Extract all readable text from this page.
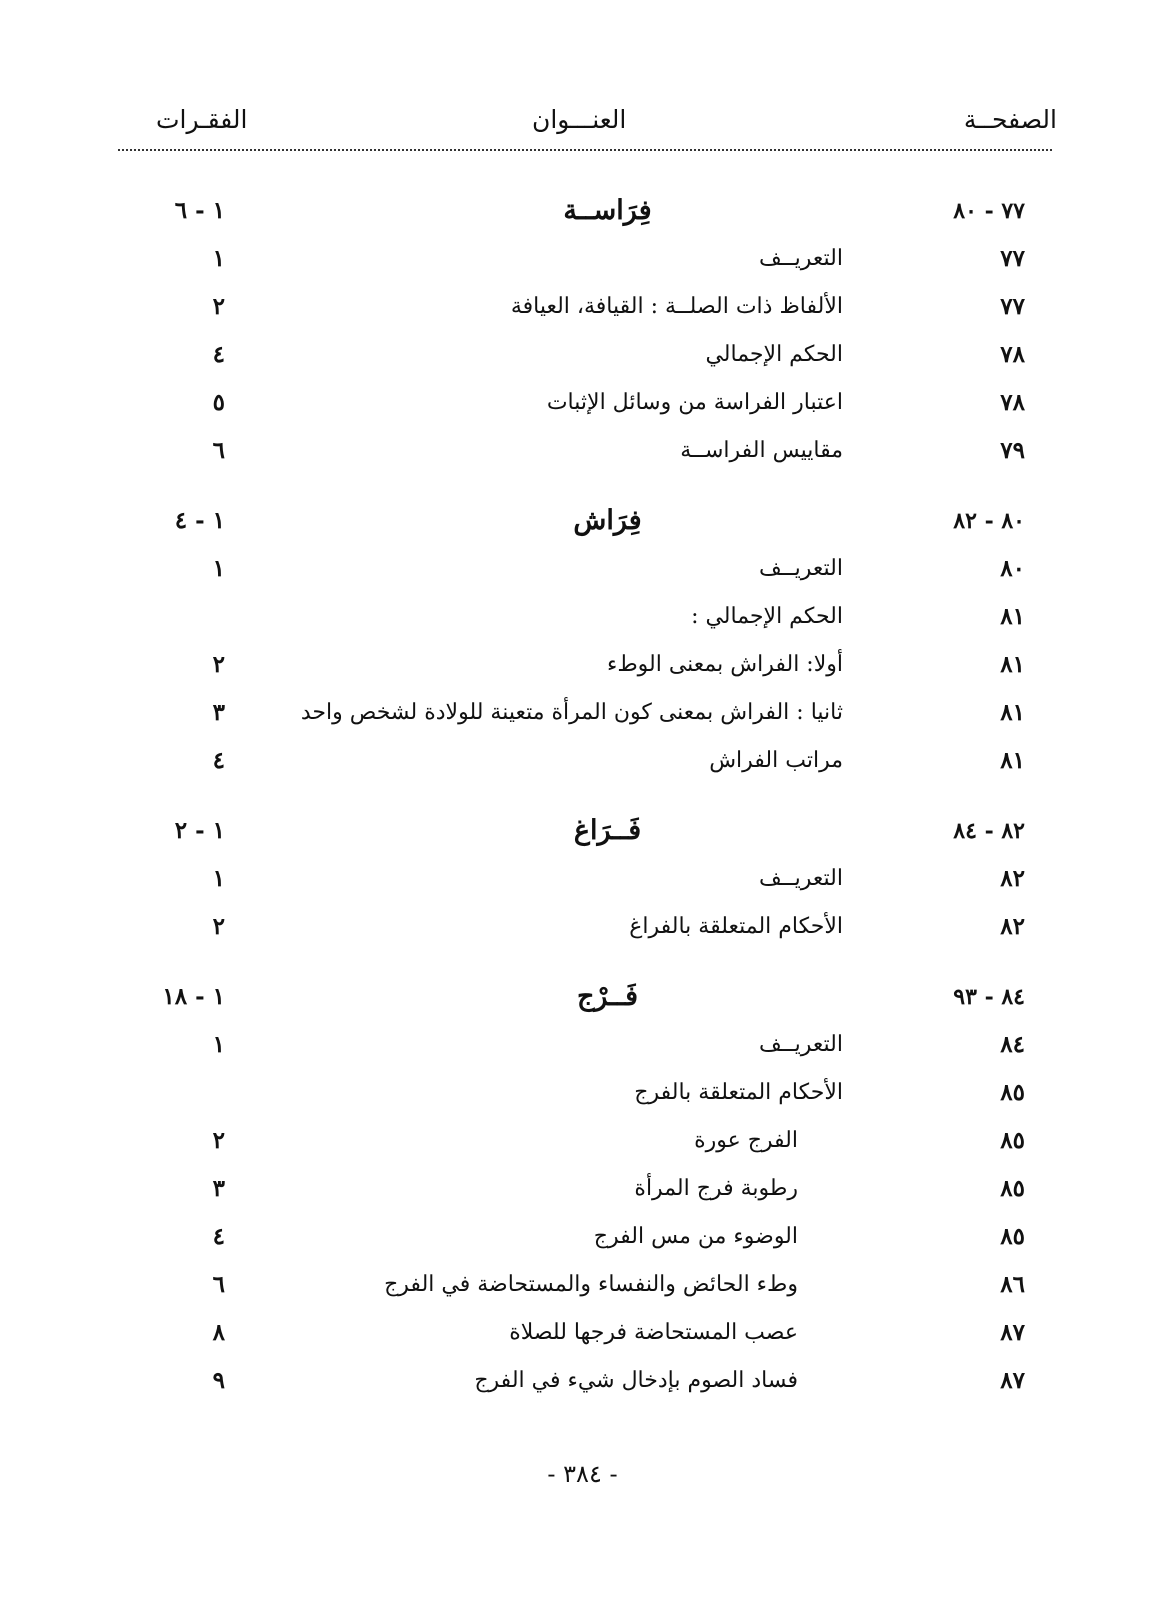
الصفحــة
العنـــوان
الفقـرات
٧٧ - ٨٠
فِرَاســة
١ - ٦
٧٧
التعريــف
١
٧٧
الألفاظ ذات الصلــة : القيافة، العيافة
٢
٧٨
الحكم الإجمالي
٤
٧٨
اعتبار الفراسة من وسائل الإثبات
٥
٧٩
مقاييس الفراســة
٦
٨٠ - ٨٢
فِرَاش
١ - ٤
٨٠
التعريــف
١
٨١
الحكم الإجمالي :
٨١
أولا: الفراش بمعنى الوطء
٢
٨١
ثانيا : الفراش بمعنى كون المرأة متعينة للولادة لشخص واحد
٣
٨١
مراتب الفراش
٤
٨٢ - ٨٤
فَــرَاغ
١ - ٢
٨٢
التعريــف
١
٨٢
الأحكام المتعلقة بالفراغ
٢
٨٤ - ٩٣
فَــرْج
١ - ١٨
٨٤
التعريــف
١
٨٥
الأحكام المتعلقة بالفرج
٨٥
الفرج عورة
٢
٨٥
رطوبة فرج المرأة
٣
٨٥
الوضوء من مس الفرج
٤
٨٦
وطء الحائض والنفساء والمستحاضة في الفرج
٦
٨٧
عصب المستحاضة فرجها للصلاة
٨
٨٧
فساد الصوم بإدخال شيء في الفرج
٩
- ٣٨٤ -
